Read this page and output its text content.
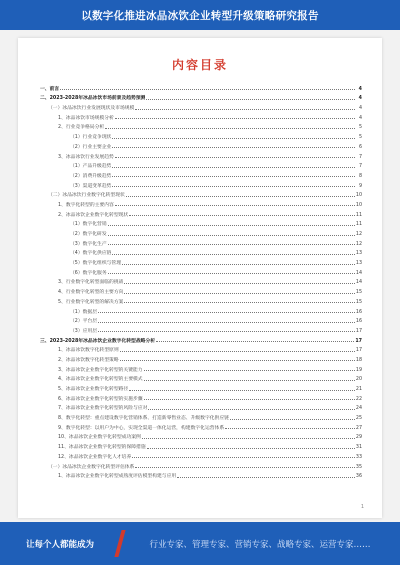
以数字化推进冰品冰饮企业转型升级策略研究报告
内容目录
一、前言	4
二、2023-2028年冰品冰饮市场前景及趋势预测	4
（一）冰品冰饮行业发展现状及市场规模	4
1、冰品冰饮市场规模分析	4
2、行业竞争格局分析	5
（1）行业竞争现状	5
（2）行业主要企业	6
3、冰品冰饮行业发展趋势	7
（1）产品升级趋势	7
（2）消费升级趋势	8
（3）渠道变革趋势	9
（二）冰品冰饮行业数字化转型现状	10
1、数字化转型的主要内容	10
2、冰品冰饮企业数字化转型现状	11
（1）数字化营销	11
（2）数字化研发	12
（3）数字化生产	12
（4）数字化供应链	13
（5）数字化组织与管理	13
（6）数字化服务	14
3、行业数字化转型面临的挑战	14
4、行业数字化转型的主要方向	15
5、行业数字化转型的解决方案	15
（1）数据层	16
（2）平台层	16
（3）应用层	17
三、2023-2028年冰品冰饮企业数字化转型战略分析	17
1、冰品冰饮数字化转型原则	17
2、冰品冰饮数字化转型策略	18
3、冰品冰饮企业数字化转型的关键能力	19
4、冰品冰饮企业数字化转型的主要模式	20
5、冰品冰饮企业数字化转型路径	21
6、冰品冰饮企业数字化转型的实施步骤	22
7、冰品冰饮企业数字化转型的风险与应对	24
8、数字化转型：重点建设数字化营销体系、打造新零售业态、升级数字化供应链	25
9、数字化转型：以用户为中心，实现全渠道一体化运营，构建数字化运营体系	27
10、冰品冰饮企业数字化转型成功案例	29
11、冰品冰饮企业数字化转型的保障措施	31
12、冰品冰饮企业数字化人才培养	33
（一）冰品冰饮企业数字化转型评估体系	35
1、冰品冰饮企业数字化转型成熟度评估模型构建与应用	36
1
让每个人都能成为	行业专家、管理专家、营销专家、战略专家、运营专家……
